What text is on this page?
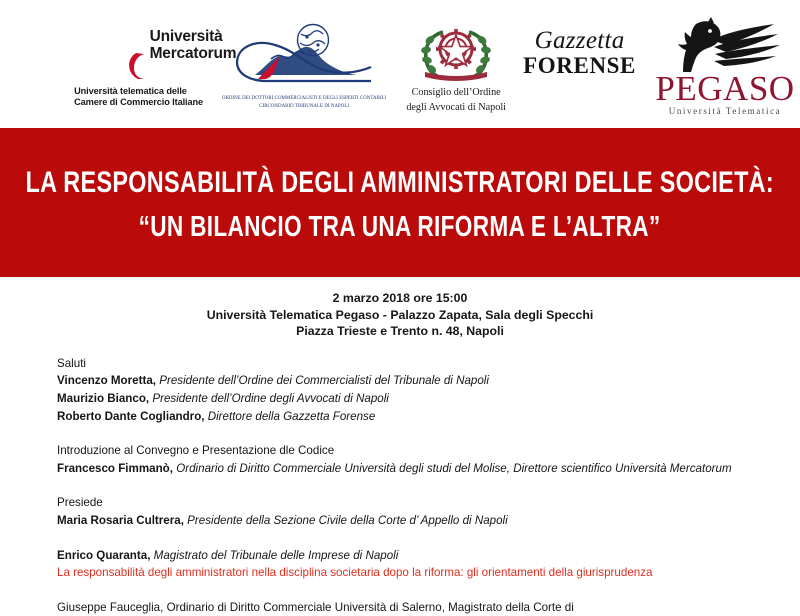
Università
Mercatorum
Università telematica delle
Camere di Commercio Italiane	ORDINE DEI DOTTORI COMMERCIALISTI E DEGLI ESPERTI CONTABILI
CIRCONDARIO TRIBUNALE DI NAPOLI
Consiglio dell’Ordine
degli Avvocati di Napoli
Gazzetta
FORENSE
PEGASO
Università Telematica
LA RESPONSABILITÀ DEGLI AMMINISTRATORI DELLE SOCIETÀ:
“UN BILANCIO TRA UNA RIFORMA E L’ALTRA”
2 marzo 2018 ore 15:00
Università Telematica Pegaso - Palazzo Zapata, Sala degli Specchi
Piazza Trieste e Trento n. 48, Napoli
Saluti
Vincenzo Moretta, Presidente dell’Ordine dei Commercialisti del Tribunale di Napoli
Maurizio Bianco, Presidente dell’Ordine degli Avvocati di Napoli
Roberto Dante Cogliandro, Direttore della Gazzetta Forense
Introduzione al Convegno e Presentazione dle Codice
Francesco Fimmanò, Ordinario di Diritto Commerciale Università degli studi del Molise, Direttore scientifico Università Mercatorum
Presiede
Maria Rosaria Cultrera, Presidente della Sezione Civile della Corte d’ Appello di Napoli
Enrico Quaranta, Magistrato del Tribunale delle Imprese di Napoli
La responsabilità degli amministratori nella disciplina societaria dopo la riforma: gli orientamenti della giurisprudenza
Giuseppe Fauceglia, Ordinario di Diritto Commerciale Università di Salerno, Magistrato della Corte di
